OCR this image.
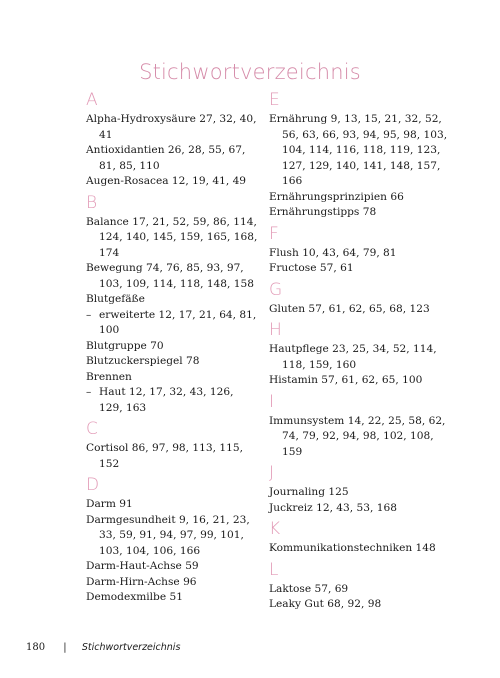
Stichwortverzeichnis
A
Alpha-Hydroxysäure 27, 32, 40, 41
Antioxidantien 26, 28, 55, 67, 81, 85, 110
Augen-Rosacea 12, 19, 41, 49
B
Balance 17, 21, 52, 59, 86, 114, 124, 140, 145, 159, 165, 168, 174
Bewegung 74, 76, 85, 93, 97, 103, 109, 114, 118, 148, 158
Blutgefäße
– erweiterte 12, 17, 21, 64, 81, 100
Blutgruppe 70
Blutzuckerspiegel 78
Brennen
– Haut 12, 17, 32, 43, 126, 129, 163
C
Cortisol 86, 97, 98, 113, 115, 152
D
Darm 91
Darmgesundheit 9, 16, 21, 23, 33, 59, 91, 94, 97, 99, 101, 103, 104, 106, 166
Darm-Haut-Achse 59
Darm-Hirn-Achse 96
Demodexmilbe 51
E
Ernährung 9, 13, 15, 21, 32, 52, 56, 63, 66, 93, 94, 95, 98, 103, 104, 114, 116, 118, 119, 123, 127, 129, 140, 141, 148, 157, 166
Ernährungsprinzipien 66
Ernährungstipps 78
F
Flush 10, 43, 64, 79, 81
Fructose 57, 61
G
Gluten 57, 61, 62, 65, 68, 123
H
Hautpflege 23, 25, 34, 52, 114, 118, 159, 160
Histamin 57, 61, 62, 65, 100
I
Immunsystem 14, 22, 25, 58, 62, 74, 79, 92, 94, 98, 102, 108, 159
J
Journaling 125
Juckreiz 12, 43, 53, 168
K
Kommunikationstechniken 148
L
Laktose 57, 69
Leaky Gut 68, 92, 98
180 | Stichwortverzeichnis
